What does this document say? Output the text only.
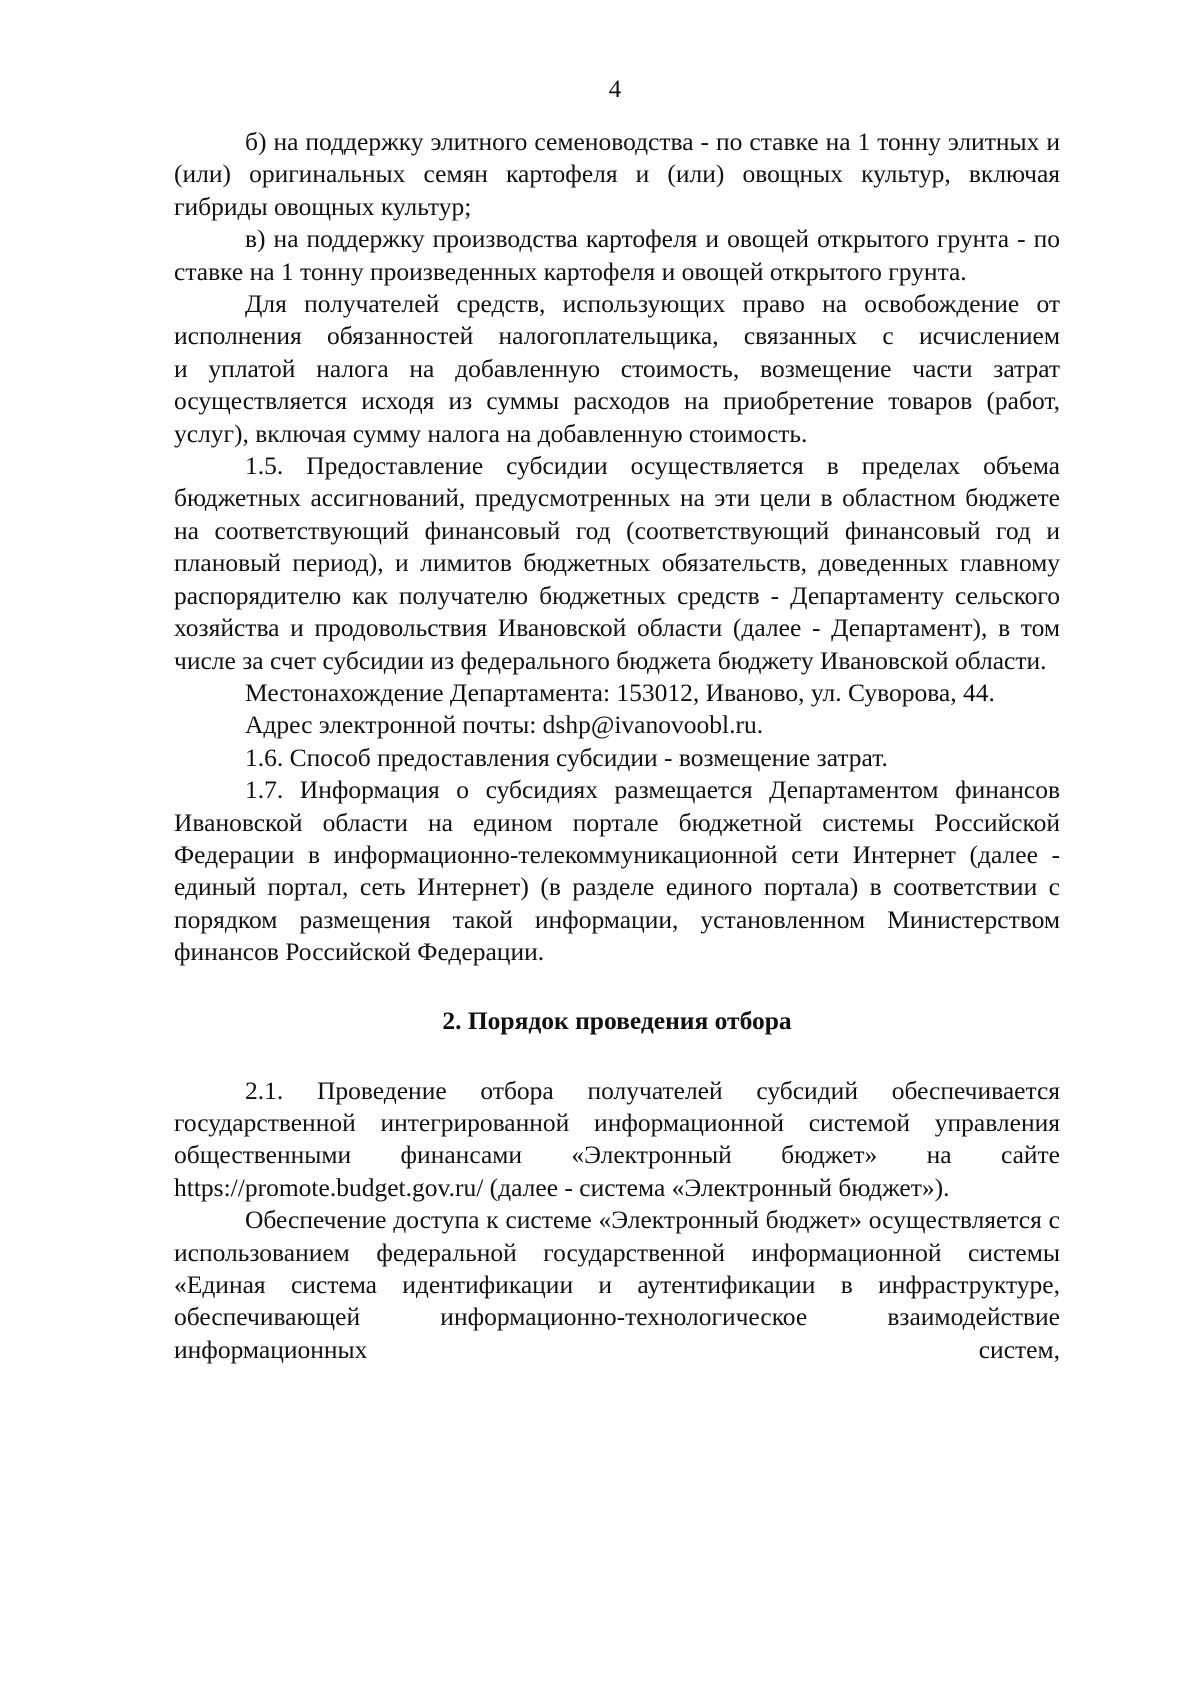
4

б) на поддержку элитного семеноводства - по ставке на 1 тонну элитных и (или) оригинальных семян картофеля и (или) овощных культур, включая гибриды овощных культур;

в) на поддержку производства картофеля и овощей открытого грунта - по ставке на 1 тонну произведенных картофеля и овощей открытого грунта.

Для получателей средств, использующих право на освобождение от исполнения обязанностей налогоплательщика, связанных с исчислением

и уплатой налога на добавленную стоимость, возмещение части затрат осуществляется исходя из суммы расходов на приобретение товаров (работ, услуг), включая сумму налога на добавленную стоимость.

1.5. Предоставление субсидии осуществляется в пределах объема бюджетных ассигнований, предусмотренных на эти цели в областном бюджете на соответствующий финансовый год (соответствующий финансовый год и плановый период), и лимитов бюджетных обязательств, доведенных главному распорядителю как получателю бюджетных средств - Департаменту сельского хозяйства и продовольствия Ивановской области (далее - Департамент), в том числе за счет субсидии из федерального бюджета бюджету Ивановской области.

Местонахождение Департамента: 153012, Иваново, ул. Суворова, 44.

Адрес электронной почты: dshp@ivanovoobl.ru.

1.6. Способ предоставления субсидии - возмещение затрат.

1.7. Информация о субсидиях размещается Департаментом финансов Ивановской области на едином портале бюджетной системы Российской Федерации в информационно-телекоммуникационной сети Интернет (далее - единый портал, сеть Интернет) (в разделе единого портала) в соответствии с порядком размещения такой информации, установленном Министерством финансов Российской Федерации.

2. Порядок проведения отбора

2.1. Проведение отбора получателей субсидий обеспечивается государственной интегрированной информационной системой управления общественными финансами «Электронный бюджет» на сайте https://promote.budget.gov.ru/ (далее - система «Электронный бюджет»).

Обеспечение доступа к системе «Электронный бюджет» осуществляется с использованием федеральной государственной информационной системы «Единая система идентификации и аутентификации в инфраструктуре, обеспечивающей информационно-технологическое взаимодействие информационных систем,
